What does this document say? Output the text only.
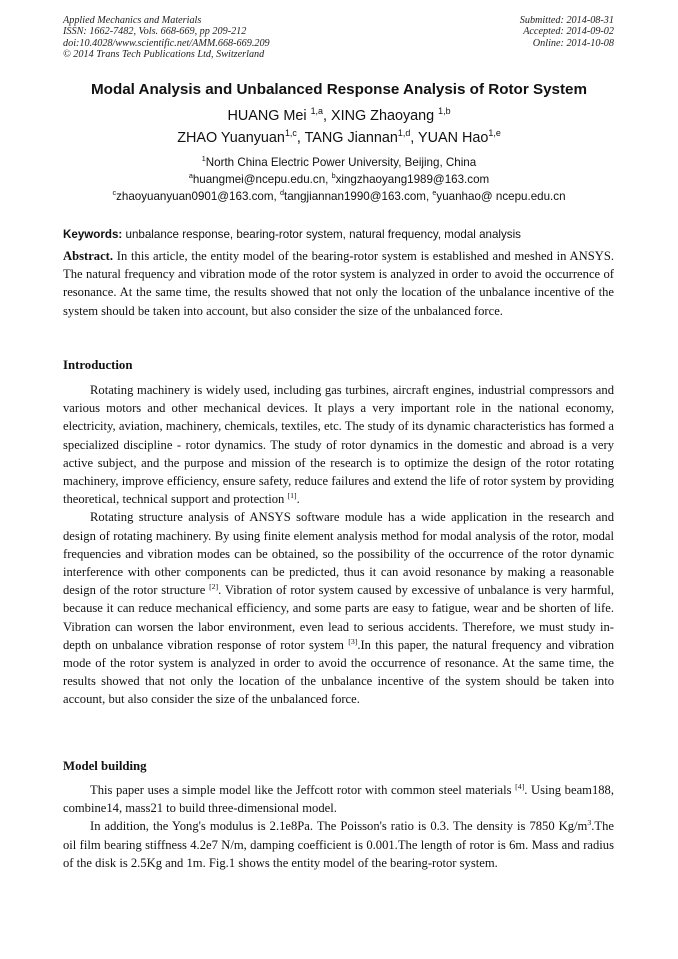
Applied Mechanics and Materials
ISSN: 1662-7482, Vols. 668-669, pp 209-212
doi:10.4028/www.scientific.net/AMM.668-669.209
© 2014 Trans Tech Publications Ltd, Switzerland
Submitted: 2014-08-31
Accepted: 2014-09-02
Online: 2014-10-08
Modal Analysis and Unbalanced Response Analysis of Rotor System
HUANG Mei $^{1,a}$, XING Zhaoyang $^{1,b}$
ZHAO Yuanyuan$^{1,c}$, TANG Jiannan$^{1,d}$, YUAN Hao$^{1,e}$
$^1$North China Electric Power University, Beijing, China
$^a$huangmei@ncepu.edu.cn, $^b$xingzhaoyang1989@163.com
$^c$zhaoyuanyuan0901@163.com, $^d$tangjiannan1990@163.com, $^e$yuanhao@ ncepu.edu.cn
Keywords: unbalance response, bearing-rotor system, natural frequency, modal analysis

Abstract. In this article, the entity model of the bearing-rotor system is established and meshed in ANSYS. The natural frequency and vibration mode of the rotor system is analyzed in order to avoid the occurrence of resonance. At the same time, the results showed that not only the location of the unbalance incentive of the system should be taken into account, but also consider the size of the unbalanced force.

Introduction

Rotating machinery is widely used, including gas turbines, aircraft engines, industrial compressors and various motors and other mechanical devices. It plays a very important role in the national economy, electricity, aviation, machinery, chemicals, textiles, etc. The study of its dynamic characteristics has formed a specialized discipline - rotor dynamics. The study of rotor dynamics in the domestic and abroad is a very active subject, and the purpose and mission of the research is to optimize the design of the rotor rotating machinery, improve efficiency, ensure safety, reduce failures and extend the life of rotor system by providing theoretical, technical support and protection [1].

Rotating structure analysis of ANSYS software module has a wide application in the research and design of rotating machinery. By using finite element analysis method for modal analysis of the rotor, modal frequencies and vibration modes can be obtained, so the possibility of the occurrence of the rotor dynamic interference with other components can be predicted, thus it can avoid resonance by making a reasonable design of the rotor structure [2]. Vibration of rotor system caused by excessive of unbalance is very harmful, because it can reduce mechanical efficiency, and some parts are easy to fatigue, wear and be shorten of life. Vibration can worsen the labor environment, even lead to serious accidents. Therefore, we must study in-depth on unbalance vibration response of rotor system [3].In this paper, the natural frequency and vibration mode of the rotor system is analyzed in order to avoid the occurrence of resonance. At the same time, the results showed that not only the location of the unbalance incentive of the system should be taken into account, but also consider the size of the unbalanced force.

Model building

This paper uses a simple model like the Jeffcott rotor with common steel materials [4]. Using beam188, combine14, mass21 to build three-dimensional model.

In addition, the Yong's modulus is 2.1e8Pa. The Poisson's ratio is 0.3. The density is 7850 $Kg/m^3.The$ oil film bearing stiffness 4.2e7 N/m, damping coefficient is 0.001.The length of rotor is 6m. Mass and radius of the disk is 2.5Kg and 1m. Fig.1 shows the entity model of the bearing-rotor system.
